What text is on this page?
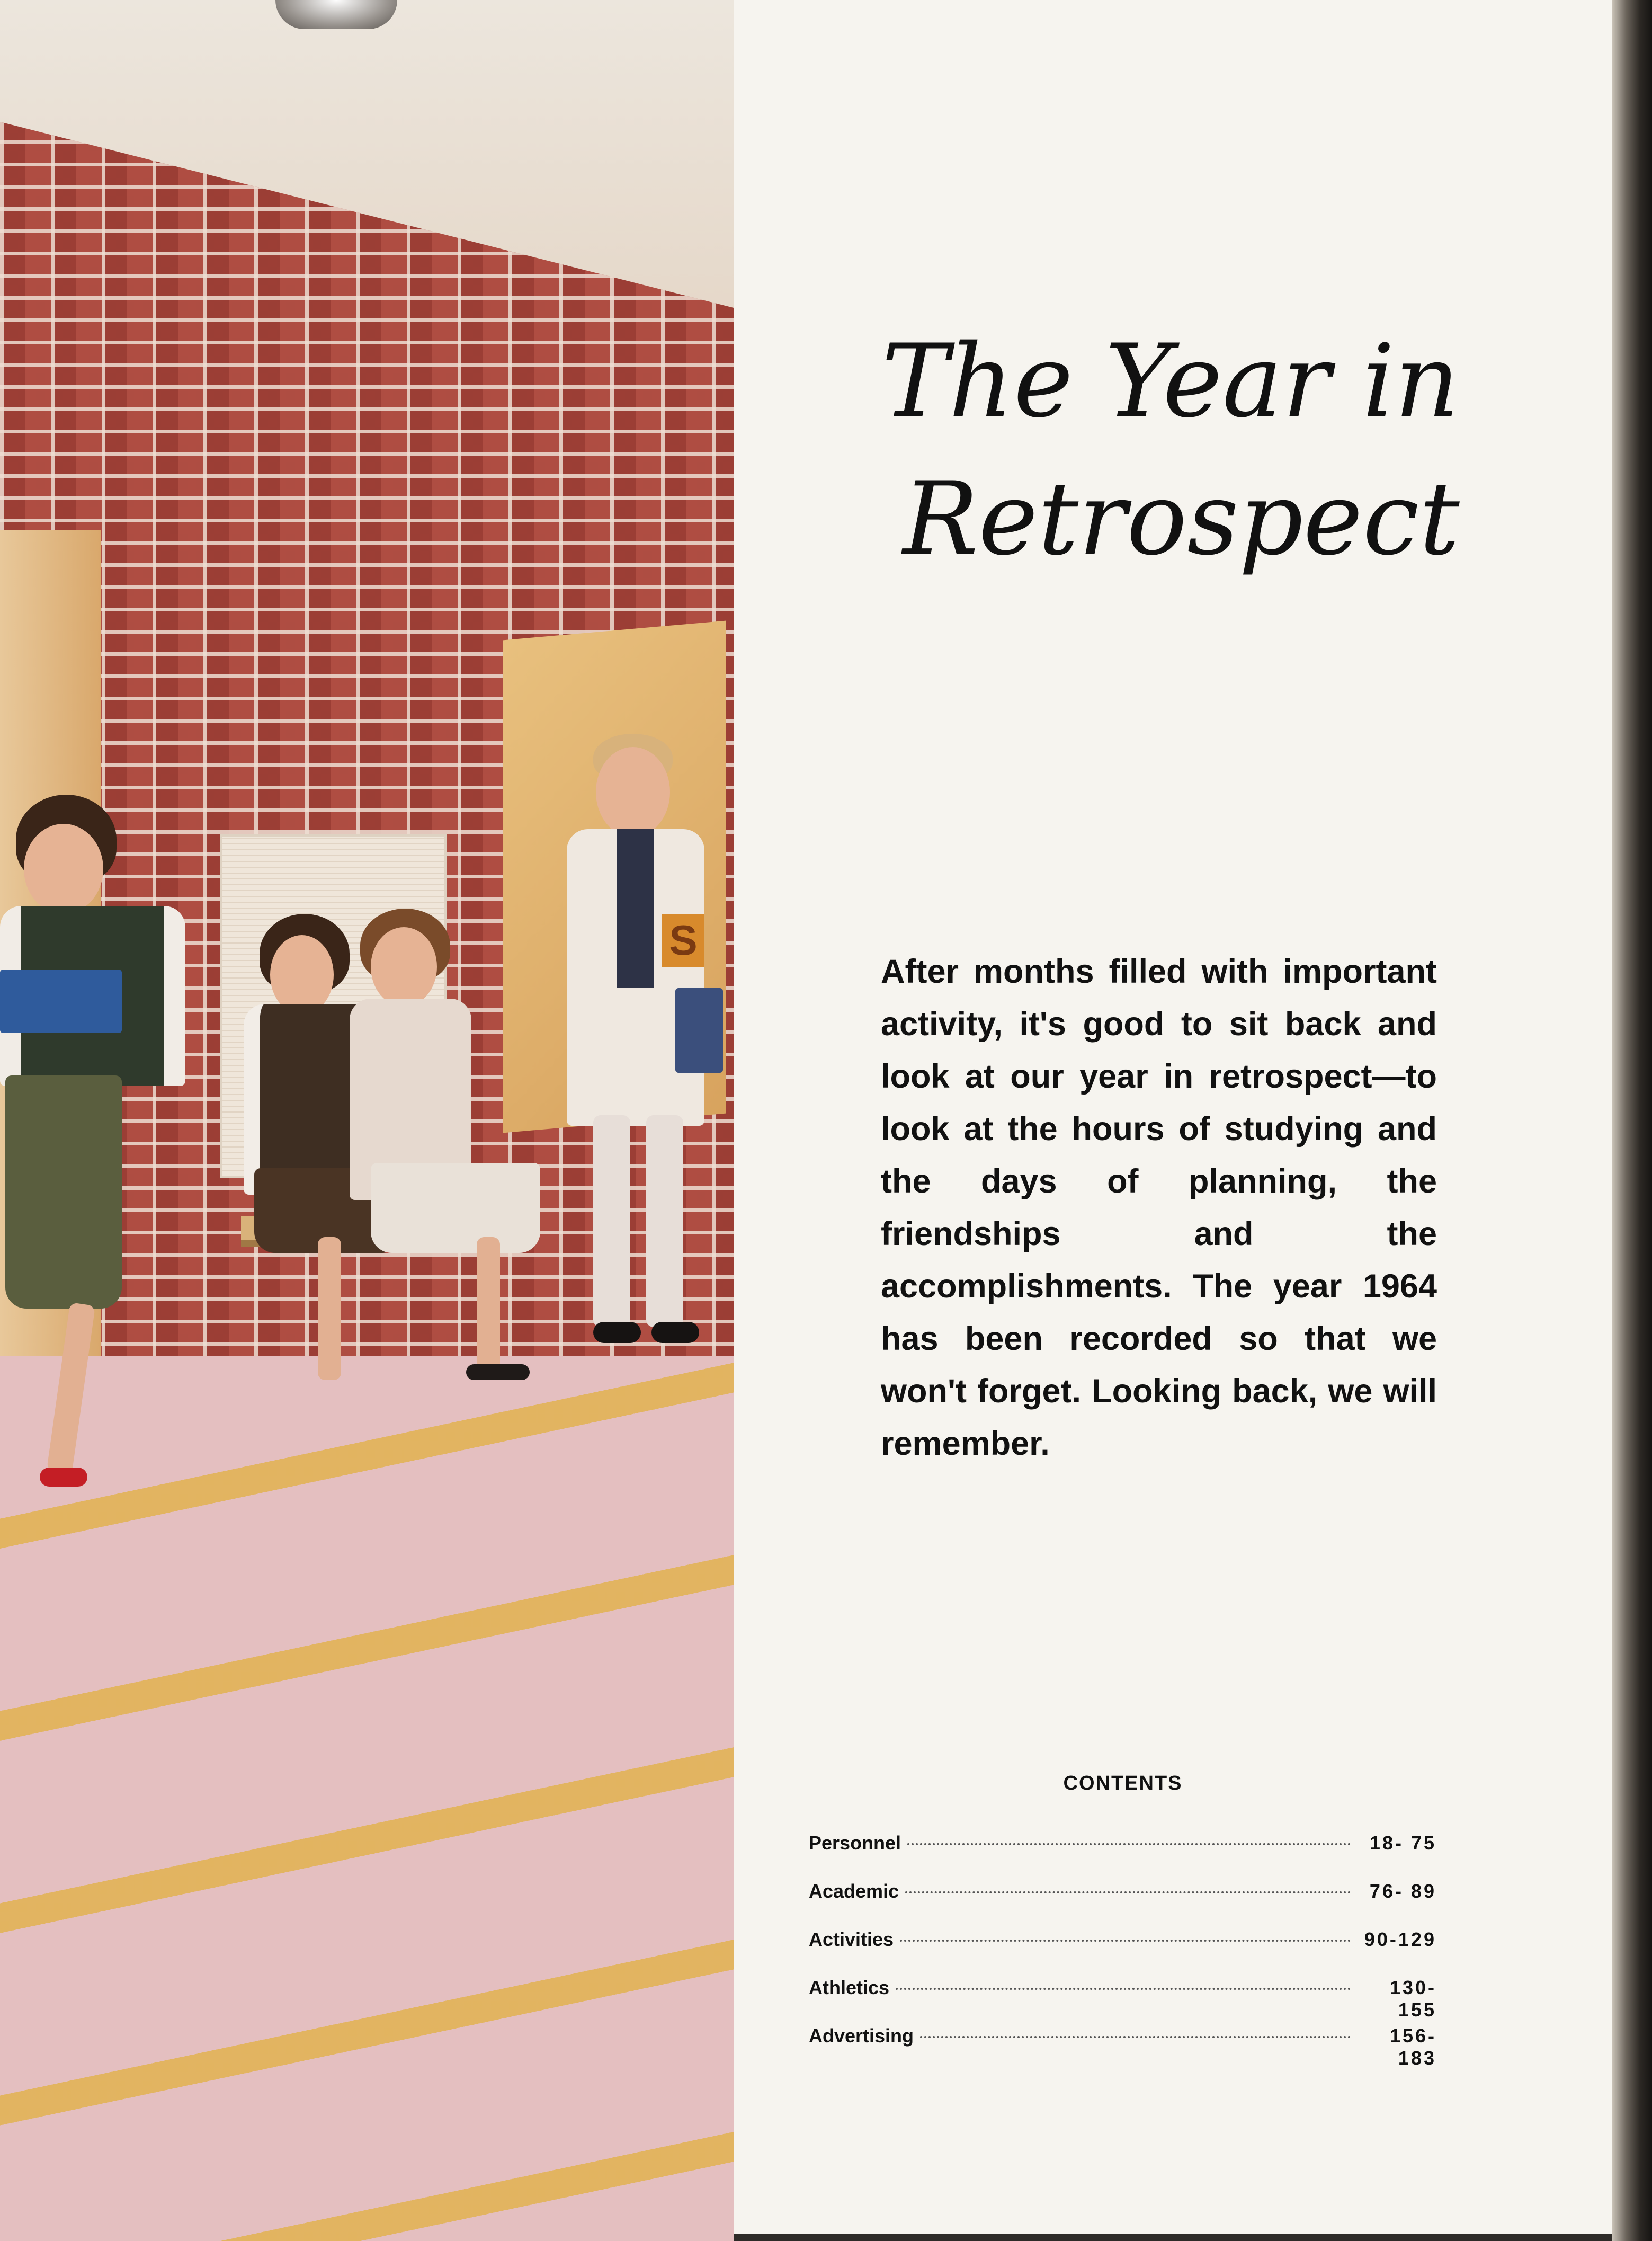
S
The Year in
Retrospect

After months filled with important activity, it's good to sit back and look at our year in retrospect—to look at the hours of studying and the days of planning, the friendships and the accomplishments. The year 1964 has been recorded so that we won't forget. Looking back, we will remember.

CONTENTS
Personnel	18- 75
Academic	76- 89
Activities	90-129
Athletics	130-155
Advertising	156-183
